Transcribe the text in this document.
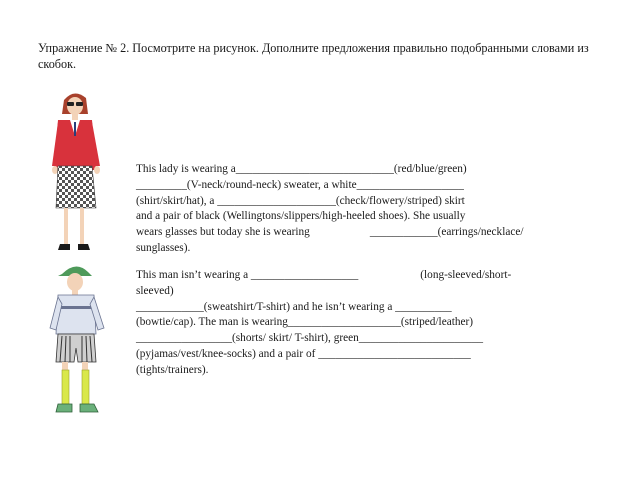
Упражнение № 2. Посмотрите на рисунок. Дополните предложения правильно подобранными словами из скобок.
This lady is wearing a____________________________(red/blue/green)
_________(V-neck/round-neck) sweater, a white___________________
(shirt/skirt/hat), a _____________________(check/flowery/striped) skirt
and a pair of black (Wellingtons/slippers/high-heeled shoes). She usually
wears glasses but today she is wearing	____________(earrings/necklace/
sunglasses).
This man isn’t wearing a ___________________	(long-sleeved/short-
sleeved)
____________(sweatshirt/T-shirt) and he isn’t wearing a __________
(bowtie/cap). The man is wearing____________________(striped/leather)
_________________(shorts/ skirt/ T-shirt), green______________________
(pyjamas/vest/knee-socks) and a pair of ___________________________
(tights/trainers).
